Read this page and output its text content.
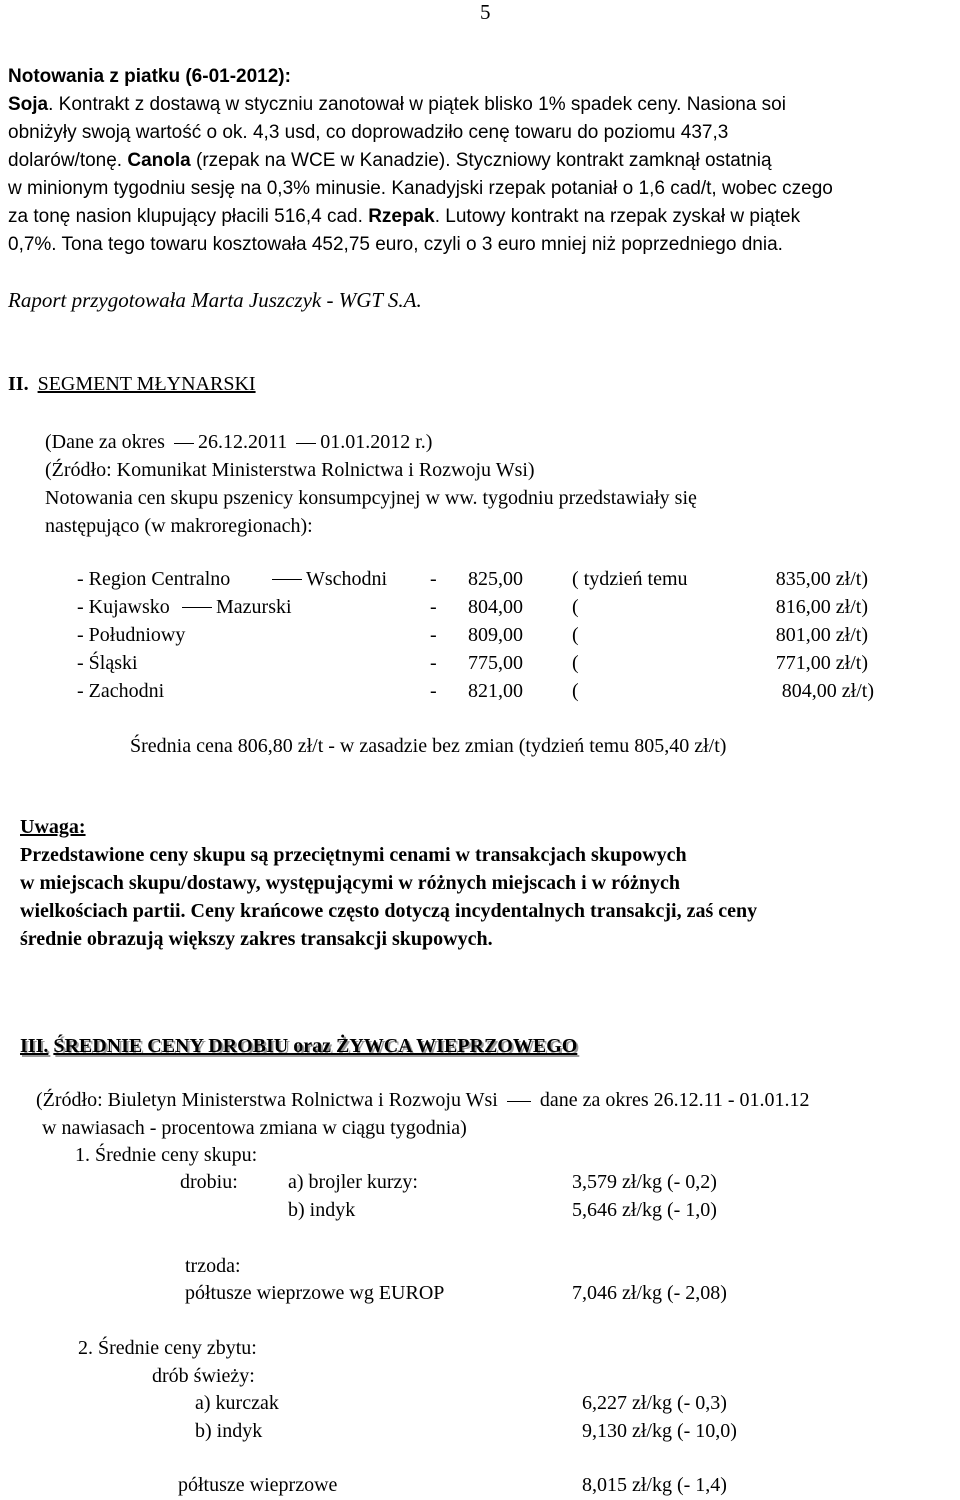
5
Notowania z piatku (6-01-2012):
Soja. Kontrakt z dostawą w styczniu zanotował w piątek blisko 1% spadek ceny. Nasiona soi
obniżyły swoją wartość o ok. 4,3 usd, co doprowadziło cenę towaru do poziomu 437,3
dolarów/tonę. Canola (rzepak na WCE w Kanadzie). Styczniowy kontrakt zamknął ostatnią
w minionym tygodniu sesję na 0,3% minusie. Kanadyjski rzepak potaniał o 1,6 cad/t, wobec czego
za tonę nasion klupujący płacili 516,4 cad. Rzepak. Lutowy kontrakt na rzepak zyskał w piątek
0,7%. Tona tego towaru kosztowała 452,75 euro, czyli o 3 euro mniej niż poprzedniego dnia.
Raport przygotowała Marta Juszczyk - WGT S.A.
II. SEGMENT MŁYNARSKI
(Dane za okres 26.12.2011 01.01.2012 r.)
(Źródło: Komunikat Ministerstwa Rolnictwa i Rozwoju Wsi)
Notowania cen skupu pszenicy konsumpcyjnej w ww. tygodniu przedstawiały się
następująco (w makroregionach):
- Region Centralno	Wschodni - 825,00 ( tydzień temu	835,00 zł/t)
- Kujawsko Mazurski	- 804,00 (	816,00 zł/t)
- Południowy	- 809,00 (	801,00 zł/t)
- Śląski	- 775,00 (	771,00 zł/t)
- Zachodni	- 821,00 (	804,00 zł/t)
Średnia cena 806,80 zł/t - w zasadzie bez zmian (tydzień temu 805,40 zł/t)
Uwaga:
Przedstawione ceny skupu są przeciętnymi cenami w transakcjach skupowych
w miejscach skupu/dostawy, występującymi w różnych miejscach i w różnych
wielkościach partii. Ceny krańcowe często dotyczą incydentalnych transakcji, zaś ceny
średnie obrazują większy zakres transakcji skupowych.
III. ŚREDNIE CENY DROBIU oraz ŻYWCA WIEPRZOWEGO
(Źródło: Biuletyn Ministerstwa Rolnictwa i Rozwoju Wsi dane za okres 26.12.11 - 01.01.12
w nawiasach - procentowa zmiana w ciągu tygodnia)
1. Średnie ceny skupu:
drobiu:	a) brojler kurzy:	3,579 zł/kg (- 0,2)
b) indyk	5,646 zł/kg (- 1,0)
trzoda:
półtusze wieprzowe wg EUROP	7,046 zł/kg (- 2,08)
2. Średnie ceny zbytu:
drób świeży:
a) kurczak	6,227 zł/kg (- 0,3)
b) indyk	9,130 zł/kg (- 10,0)
półtusze wieprzowe	8,015 zł/kg (- 1,4)
